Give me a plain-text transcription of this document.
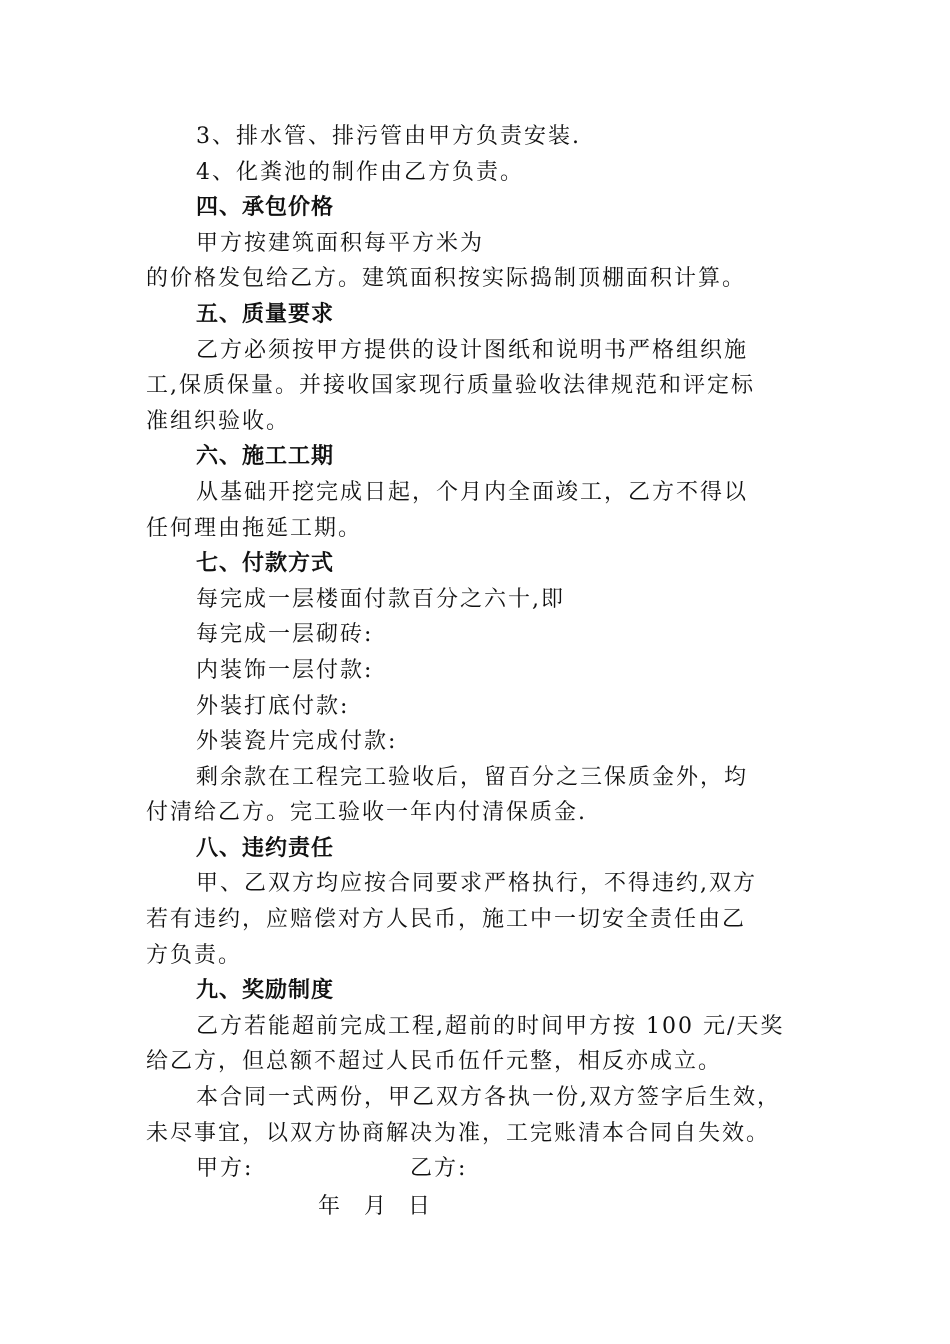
3、排水管、排污管由甲方负责安装.
4、化粪池的制作由乙方负责。
四、承包价格
甲方按建筑面积每平方米为
的价格发包给乙方。建筑面积按实际捣制顶棚面积计算。
五、质量要求
乙方必须按甲方提供的设计图纸和说明书严格组织施
工,保质保量。并接收国家现行质量验收法律规范和评定标
准组织验收。
六、施工工期
从基础开挖完成日起，个月内全面竣工，乙方不得以
任何理由拖延工期。
七、付款方式
每完成一层楼面付款百分之六十,即
每完成一层砌砖:
内装饰一层付款:
外装打底付款:
外装瓷片完成付款:
剩余款在工程完工验收后，留百分之三保质金外，均
付清给乙方。完工验收一年内付清保质金.
八、违约责任
甲、乙双方均应按合同要求严格执行，不得违约,双方
若有违约，应赔偿对方人民币，施工中一切安全责任由乙
方负责。
九、奖励制度
乙方若能超前完成工程,超前的时间甲方按 100 元/天奖
给乙方，但总额不超过人民币伍仟元整，相反亦成立。
本合同一式两份，甲乙双方各执一份,双方签字后生效，
未尽事宜，以双方协商解决为准，工完账清本合同自失效。
甲方:	乙方:
年 月 日
